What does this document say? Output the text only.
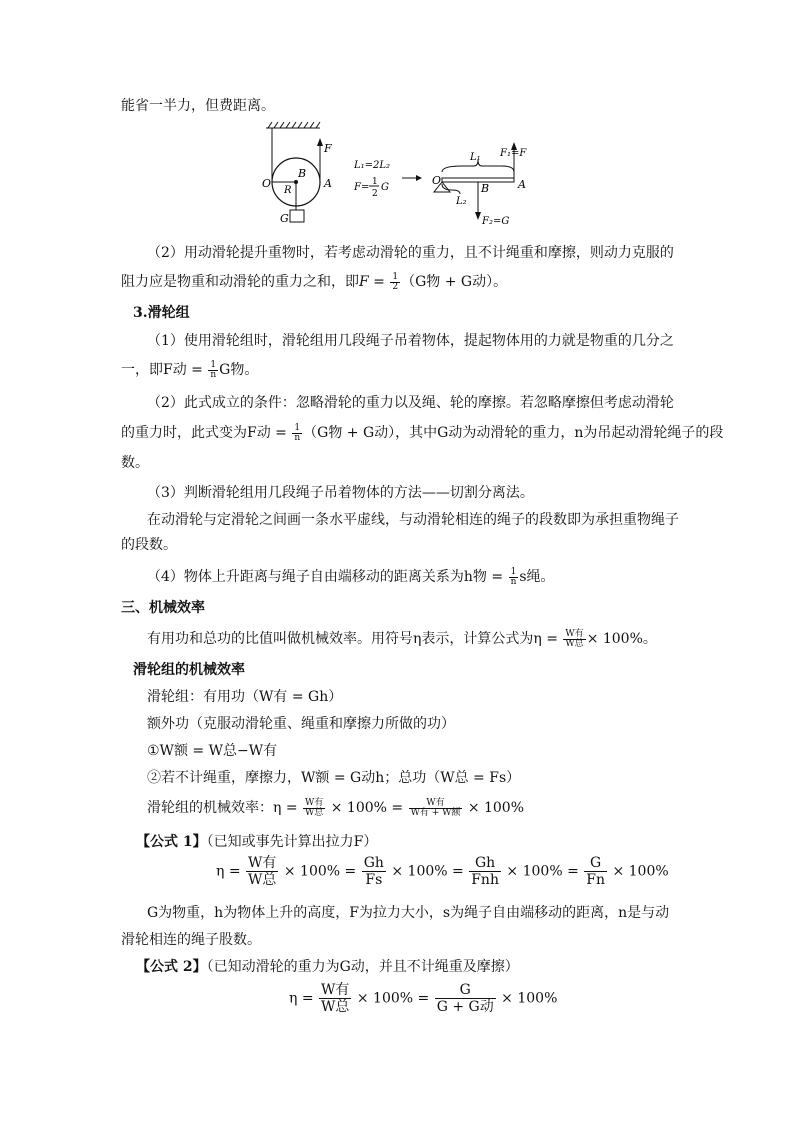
能省一半力，但费距离。
F
O
B
R
A
G
L₁=2L₂
F= 1
2
G
O
B	A
L₁
L₂
F₁=F
F₂=G
（2）用动滑轮提升重物时，若考虑动滑轮的重力，且不计绳重和摩擦，则动力克服的
阻力应是物重和动滑轮的重力之和，即$F = \frac{1}{2} (G$物 + G动）。
3.滑轮组
（1）使用滑轮组时，滑轮组用几段绳子吊着物体，提起物体用的力就是物重的几分之
一，即F动 = $\frac{1}{n}$ G物。
（2）此式成立的条件：忽略滑轮的重力以及绳、轮的摩擦。若忽略摩擦但考虑动滑轮
的重力时，此式变为F动 = $\frac{1}{n} (G$物 + G动），其中G动为动滑轮的重力，n为吊起动滑轮绳子的段
数。
（3）判断滑轮组用几段绳子吊着物体的方法——切割分离法。
在动滑轮与定滑轮之间画一条水平虚线，与动滑轮相连的绳子的段数即为承担重物绳子
的段数。
（4）物体上升距离与绳子自由端移动的距离关系为h物 = $\frac{1}{n}$ s绳。
三、机械效率
有用功和总功的比值叫做机械效率。用符号η表示，计算公式为$\eta = \frac{\text{W有}}{\text{W总}} \times 100\%$。
滑轮组的机械效率
滑轮组：有用功（W有 = Gh）
额外功（克服动滑轮重、绳重和摩擦力所做的功）
①W额 = W总−W有
②若不计绳重，摩擦力，W额 = G动h；总功（W总 = Fs）
滑轮组的机械效率：$\eta = \frac{\text{W有}}{\text{W总}} \times 100\% = \frac{\text{W有}}{\text{W有 + W额}} \times 100\%$
【公式 1】（已知或事先计算出拉力F）
$\eta = \frac{\text{W有}}{\text{W总}} \times 100\% = \frac{Gh}{Fs} \times 100\% = \frac{Gh}{\text{Fnh}} \times 100\% = \frac{G}{Fn} \times 100\%$
G为物重，h为物体上升的高度，F为拉力大小，s为绳子自由端移动的距离，n是与动
滑轮相连的绳子股数。
【公式 2】（已知动滑轮的重力为G动，并且不计绳重及摩擦）
$\eta = \frac{\text{W有}}{\text{W总}} \times 100\% = \frac{G}{\text{G + G动}} \times 100\%$
